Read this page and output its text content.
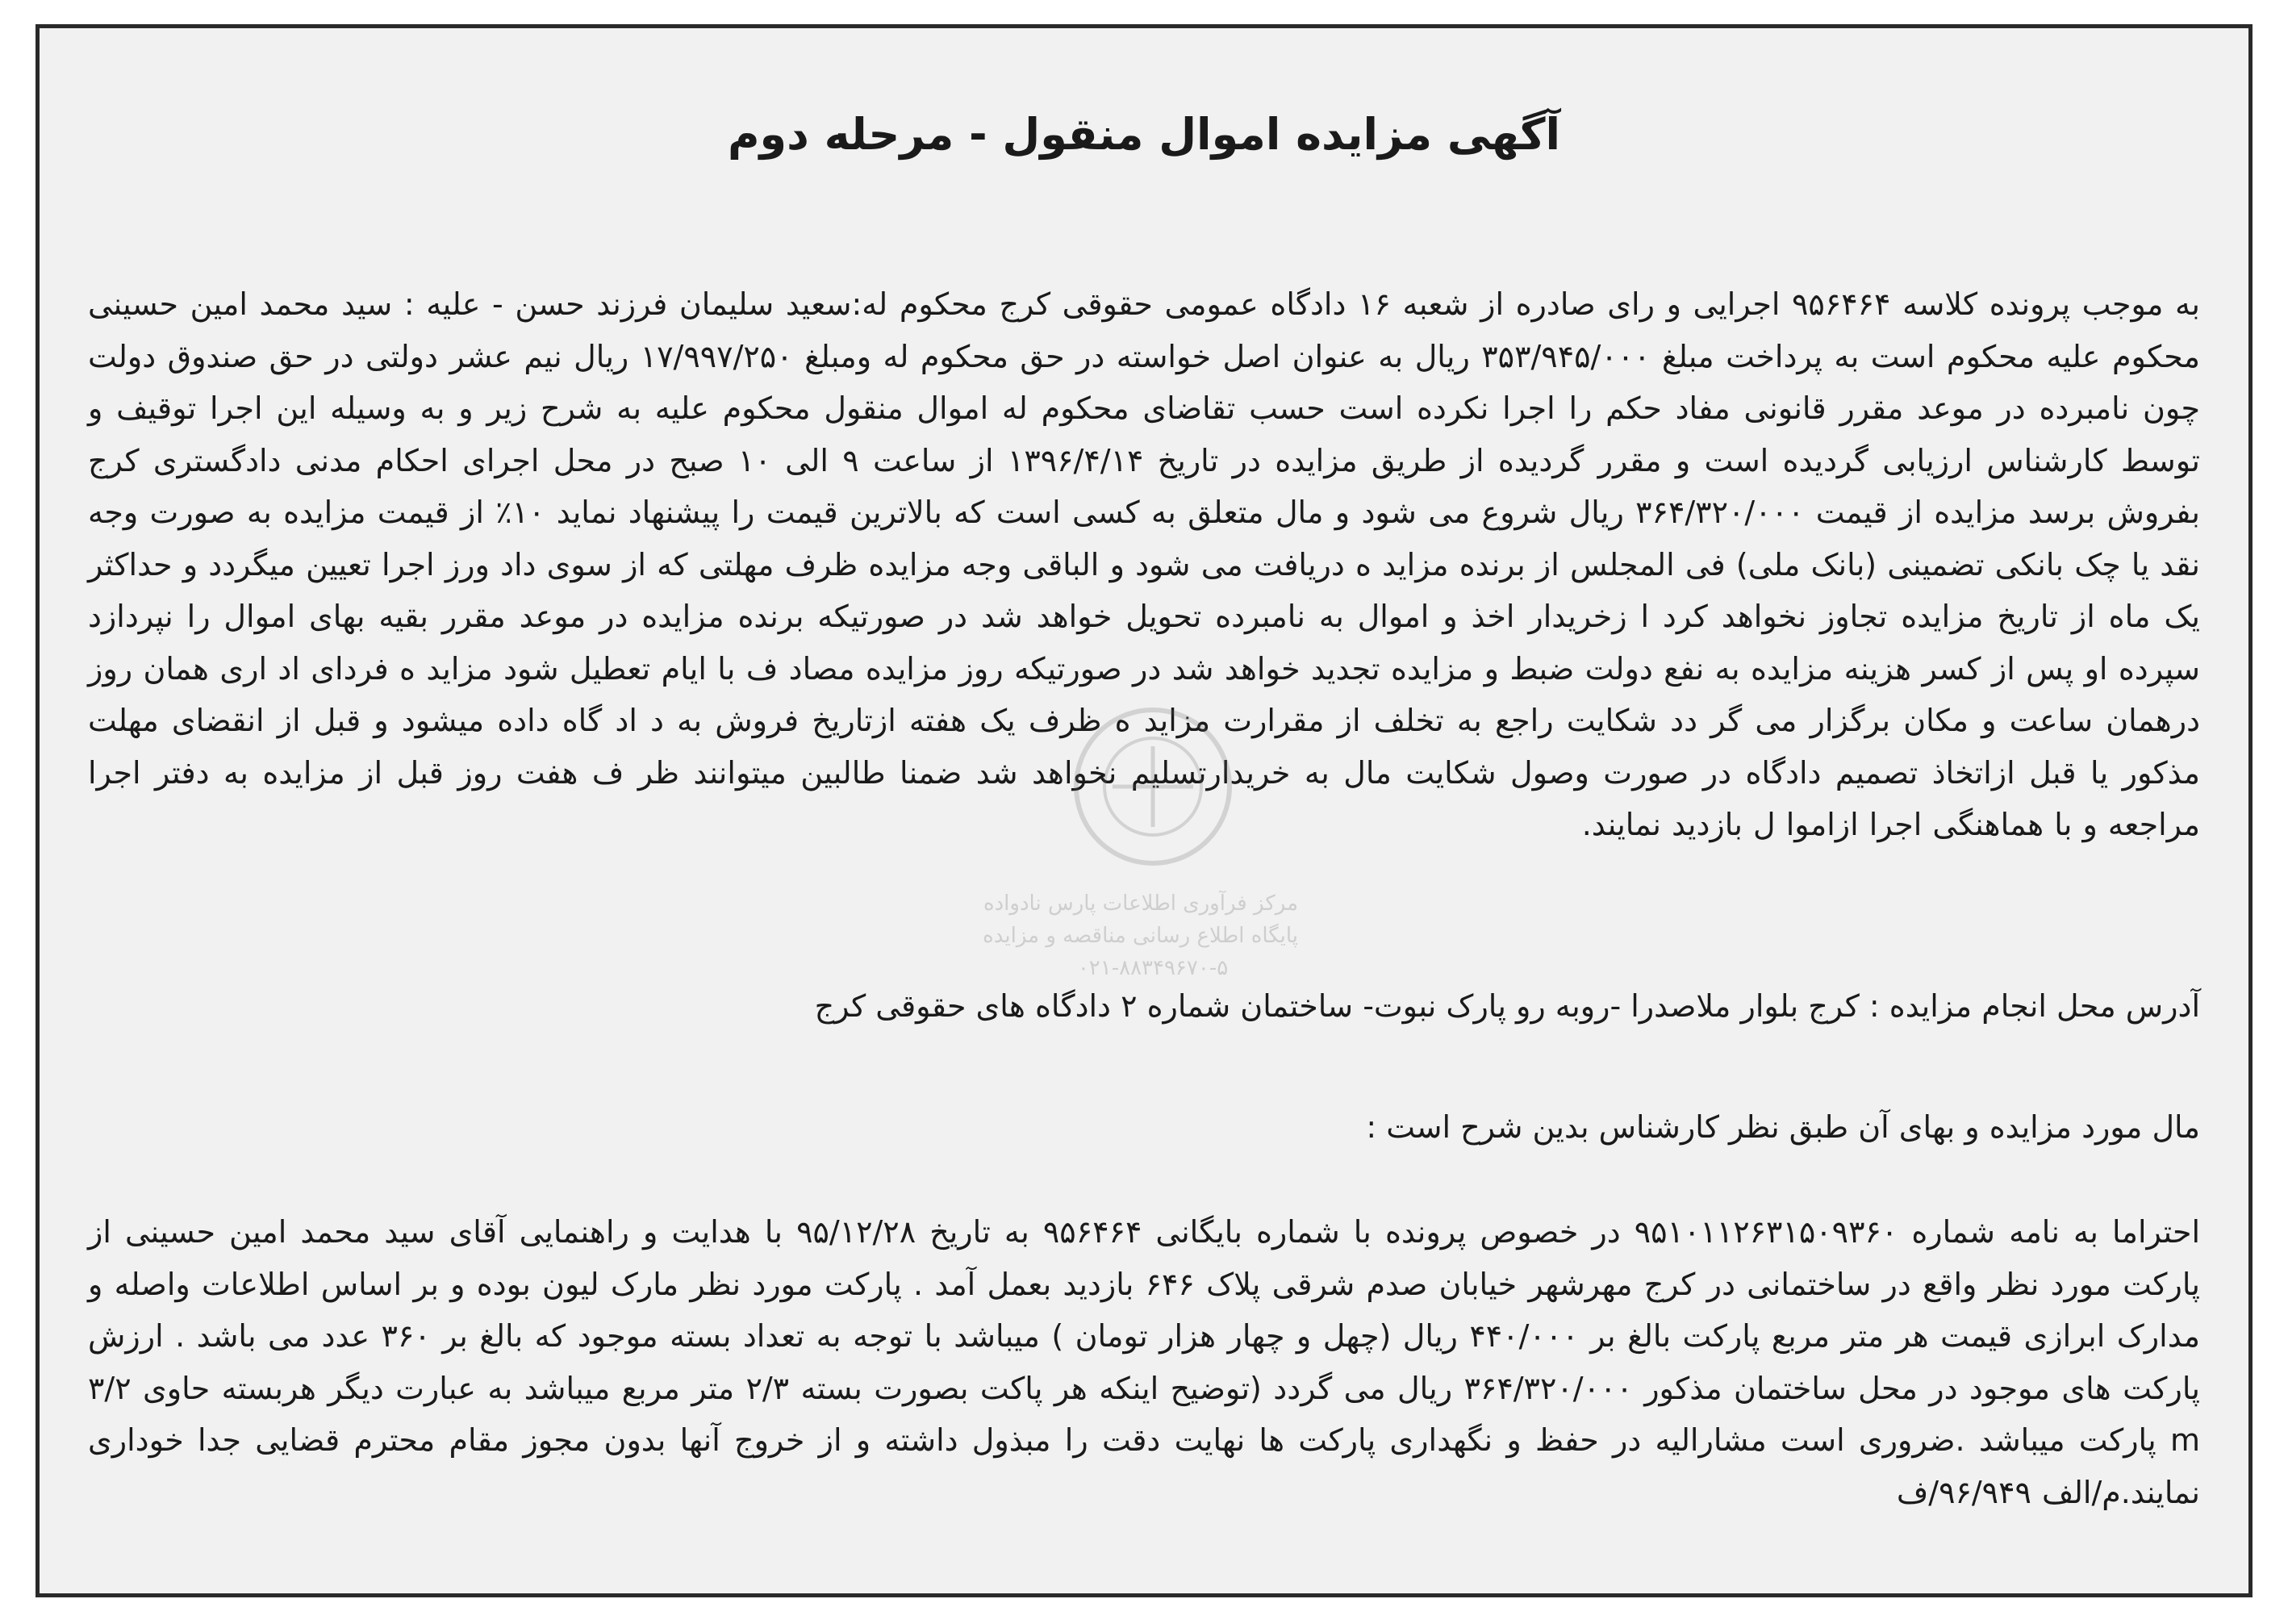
آگهی مزایده اموال منقول - مرحله دوم
به موجب پرونده کلاسه ۹۵۶۴۶۴ اجرایی و رای صادره از شعبه ۱۶ دادگاه عمومی حقوقی کرج محکوم له:سعید سلیمان فرزند حسن - علیه : سید محمد امین حسینی محکوم علیه محکوم است به پرداخت مبلغ ۳۵۳/۹۴۵/۰۰۰ ریال به عنوان اصل خواسته در حق محکوم له ومبلغ ۱۷/۹۹۷/۲۵۰ ریال نیم عشر دولتی در حق صندوق دولت چون نامبرده در موعد مقرر قانونی مفاد حکم را اجرا نکرده است حسب تقاضای محکوم له اموال منقول محکوم علیه به شرح زیر و به وسیله این اجرا توقیف و توسط کارشناس ارزیابی گردیده است و مقرر گردیده از طریق مزایده در تاریخ ۱۳۹۶/۴/۱۴ از ساعت ۹ الی ۱۰ صبح در محل اجرای احکام مدنی دادگستری کرج بفروش برسد مزایده از قیمت ۳۶۴/۳۲۰/۰۰۰ ریال شروع می شود و مال متعلق به کسی است که بالاترین قیمت را پیشنهاد نماید ۱۰٪ از قیمت مزایده به صورت وجه نقد یا چک بانکی تضمینی (بانک ملی) فی المجلس از برنده مزاید ه دریافت می شود و الباقی وجه مزایده ظرف مهلتی که از سوی داد ورز اجرا تعیین میگردد و حداکثر یک ماه از تاریخ مزایده تجاوز نخواهد کرد ا زخریدار اخذ و اموال به نامبرده تحویل خواهد شد در صورتیکه برنده مزایده در موعد مقرر بقیه بهای اموال را نپردازد سپرده او پس از کسر هزینه مزایده به نفع دولت ضبط و مزایده تجدید خواهد شد در صورتیکه روز مزایده مصاد ف با ایام تعطیل شود مزاید ه فردای اد اری همان روز درهمان ساعت و مکان برگزار می گر دد شکایت راجع به تخلف از مقرارت مزاید ه ظرف یک هفته ازتاریخ فروش به د اد گاه داده میشود و قبل از انقضای مهلت مذکور یا قبل ازاتخاذ تصمیم دادگاه در صورت وصول شکایت مال به خریدارتسلیم نخواهد شد ضمنا طالبین میتوانند ظر ف هفت روز قبل از مزایده به دفتر اجرا مراجعه و با هماهنگی اجرا ازاموا ل بازدید نمایند.
مرکز فرآوری اطلاعات پارس نادواده
پایگاه اطلاع رسانی مناقصه و مزایده
۰۲۱-۸۸۳۴۹۶۷۰-۵
آدرس محل انجام مزایده : کرج بلوار ملاصدرا -روبه رو پارک نبوت- ساختمان شماره ۲ دادگاه های حقوقی کرج
مال مورد مزایده و بهای آن طبق نظر کارشناس بدین شرح است :
احتراما به نامه شماره ۹۵۱۰۱۱۲۶۳۱۵۰۹۳۶۰ در خصوص پرونده با شماره بایگانی ۹۵۶۴۶۴ به تاریخ ۹۵/۱۲/۲۸ با هدایت و راهنمایی آقای سید محمد امین حسینی از پارکت مورد نظر واقع در ساختمانی در کرج مهرشهر خیابان صدم شرقی پلاک ۶۴۶ بازدید بعمل آمد . پارکت مورد نظر مارک لیون بوده و بر اساس اطلاعات واصله و مدارک ابرازی قیمت هر متر مربع پارکت بالغ بر ۴۴۰/۰۰۰ ریال (چهل و چهار هزار تومان ) میباشد با توجه به تعداد بسته موجود که بالغ بر ۳۶۰ عدد می باشد . ارزش پارکت های موجود در محل ساختمان مذکور ۳۶۴/۳۲۰/۰۰۰ ریال می گردد (توضیح اینکه هر پاکت بصورت بسته ۲/۳ متر مربع میباشد به عبارت دیگر هربسته حاوی ۳/۲ m پارکت میباشد .ضروری است مشارالیه در حفظ و نگهداری پارکت ها نهایت دقت را مبذول داشته و از خروج آنها بدون مجوز مقام محترم قضایی جدا خوداری نمایند.م/الف ۹۶/۹۴۹/ف
